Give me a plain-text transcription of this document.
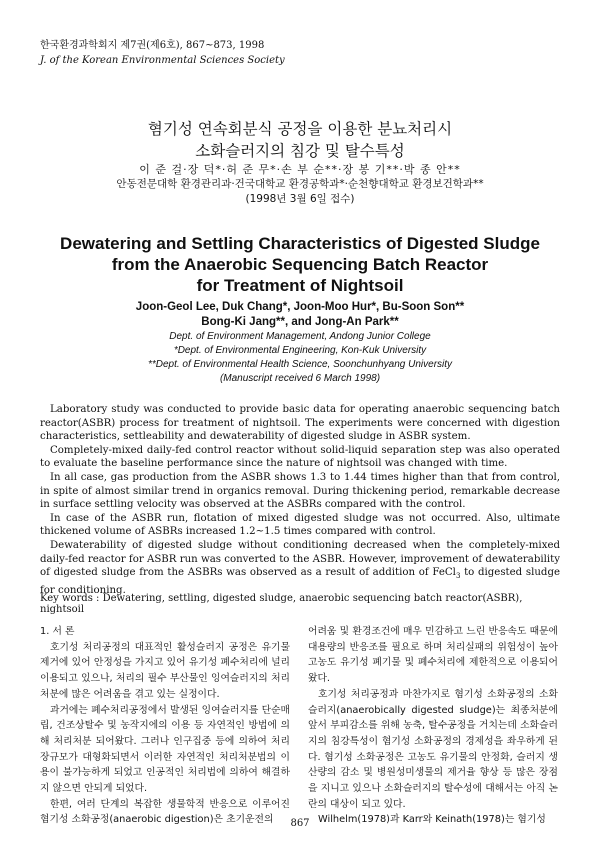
한국환경과학회지 제7권(제6호), 867~873, 1998
J. of the Korean Environmental Sciences Society
혐기성 연속회분식 공정을 이용한 분뇨처리시
소화슬러지의 침강 및 탈수특성
이 준 걸·장 덕*·허 준 무*·손 부 순**·장 봉 기**·박 종 안**
안동전문대학 환경관리과·건국대학교 환경공학과*·순천향대학교 환경보건학과**
(1998년 3월 6일 접수)
Dewatering and Settling Characteristics of Digested Sludge
from the Anaerobic Sequencing Batch Reactor
for Treatment of Nightsoil
Joon-Geol Lee, Duk Chang*, Joon-Moo Hur*, Bu-Soon Son**
Bong-Ki Jang**, and Jong-An Park**
Dept. of Environment Management, Andong Junior College
*Dept. of Environmental Engineering, Kon-Kuk University
**Dept. of Environmental Health Science, Soonchunhyang University
(Manuscript received 6 March 1998)

Laboratory study was conducted to provide basic data for operating anaerobic sequencing batch reactor(ASBR) process for treatment of nightsoil. The experiments were concerned with digestion characteristics, settleability and dewaterability of digested sludge in ASBR system.

Completely-mixed daily-fed control reactor without solid-liquid separation step was also operated to evaluate the baseline performance since the nature of nightsoil was changed with time.

In all case, gas production from the ASBR shows 1.3 to 1.44 times higher than that from control, in spite of almost similar trend in organics removal. During thickening period, remarkable decrease in surface settling velocity was observed at the ASBRs compared with the control.

In case of the ASBR run, flotation of mixed digested sludge was not occurred. Also, ultimate thickened volume of ASBRs increased 1.2~1.5 times compared with control.

Dewaterability of digested sludge without conditioning decreased when the completely-mixed daily-fed reactor for ASBR run was converted to the ASBR. However, improvement of dewaterability of digested sludge from the ASBRs was observed as a result of addition of FeCl$_3$ to digested sludge for conditioning.

Key words : Dewatering, settling, digested sludge, anaerobic sequencing batch reactor(ASBR), nightsoil

1. 서 론

호기성 처리공정의 대표적인 활성슬러지 공정은 유기물제거에 있어 안정성을 가지고 있어 유기성 폐수처리에 널리 이용되고 있으나, 처리의 필수 부산물인 잉여슬러지의 처리처분에 많은 어려움을 겪고 있는 실정이다.

과거에는 폐수처리공정에서 발생된 잉여슬러지를 단순매립, 건조상탈수 및 농작지에의 이용 등 자연적인 방법에 의해 처리처분 되어왔다. 그러나 인구집중 등에 의하여 처리장규모가 대형화되면서 이러한 자연적인 처리처분법의 이용이 불가능하게 되었고 인공적인 처리법에 의하여 해결하지 않으면 안되게 되었다.

한편, 여러 단계의 복잡한 생물학적 반응으로 이루어진 혐기성 소화공정(anaerobic digestion)은 초기운전의

어려움 및 환경조건에 매우 민감하고 느린 반응속도 때문에 대용량의 반응조를 필요로 하며 처리실패의 위험성이 높아 고농도 유기성 폐기물 및 폐수처리에 제한적으로 이용되어왔다.

호기성 처리공정과 마찬가지로 혐기성 소화공정의 소화슬러지(anaerobically digested sludge)는 최종처분에 앞서 부피감소를 위해 농축, 탈수공정을 거치는데 소화슬러지의 침강특성이 혐기성 소화공정의 경제성을 좌우하게 된다. 혐기성 소화공정은 고농도 유기물의 안정화, 슬러지 생산량의 감소 및 병원성미생물의 제거율 향상 등 많은 장점을 지니고 있으나 소화슬러지의 탈수성에 대해서는 아직 논란의 대상이 되고 있다.

Wilhelm(1978)과 Karr와 Keinath(1978)는 혐기성

867
